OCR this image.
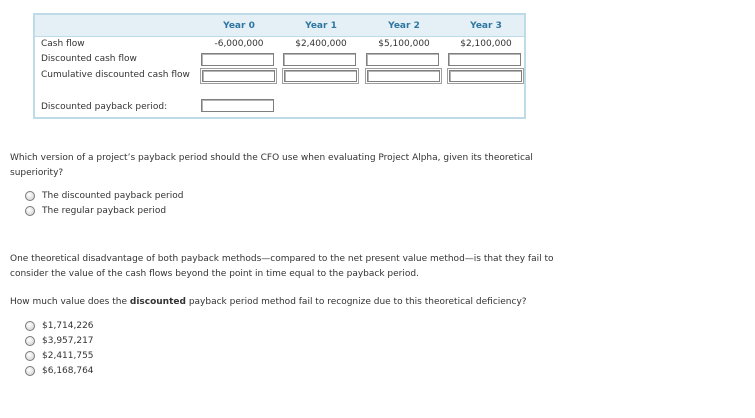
Year 0	Year 1	Year 2	Year 3
Cash flow	-6,000,000	$2,400,000	$5,100,000	$2,100,000
Discounted cash flow
Cumulative discounted cash flow
Discounted payback period:
Which version of a project’s payback period should the CFO use when evaluating Project Alpha, given its theoretical superiority?
The discounted payback period
The regular payback period
One theoretical disadvantage of both payback methods—compared to the net present value method—is that they fail to consider the value of the cash flows beyond the point in time equal to the payback period.
How much value does the discounted payback period method fail to recognize due to this theoretical deficiency?
$1,714,226
$3,957,217
$2,411,755
$6,168,764
